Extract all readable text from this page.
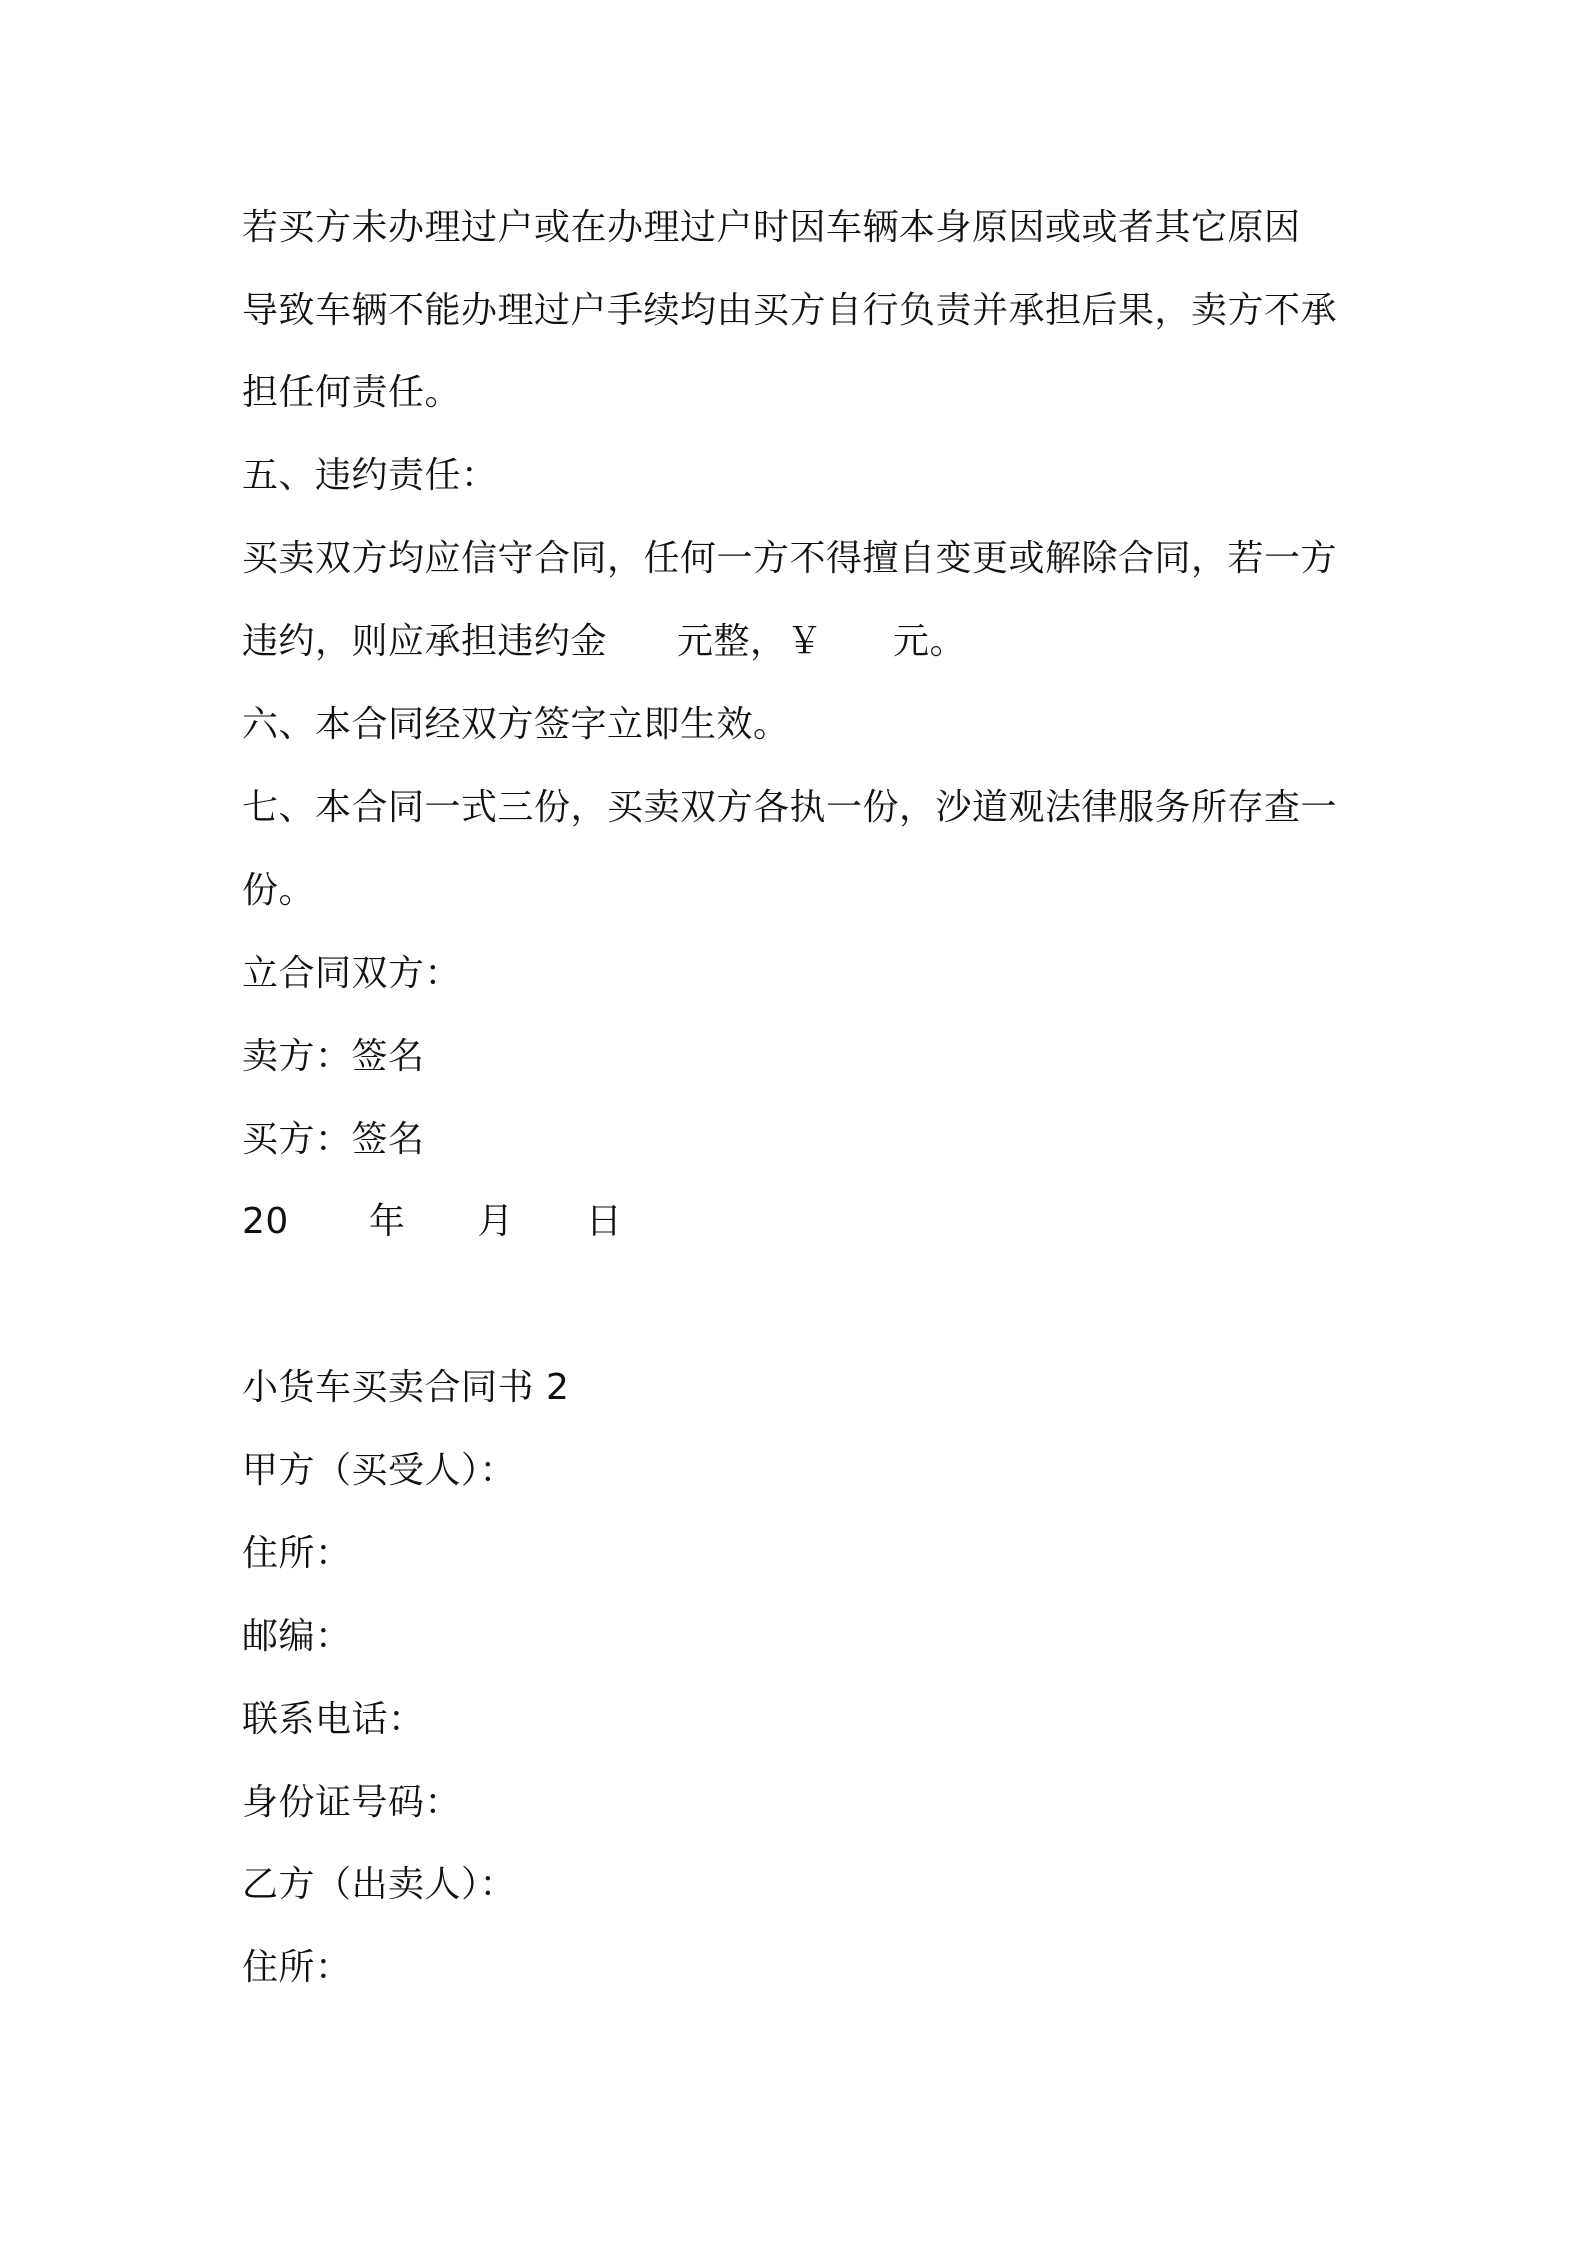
若买方未办理过户或在办理过户时因车辆本身原因或或者其它原因
导致车辆不能办理过户手续均由买方自行负责并承担后果，卖方不承
担任何责任。
五、违约责任：
买卖双方均应信守合同，任何一方不得擅自变更或解除合同，若一方
违约，则应承担违约金 元整，￥ 元。
六、本合同经双方签字立即生效。
七、本合同一式三份，买卖双方各执一份，沙道观法律服务所存查一
份。
立合同双方：
卖方：签名
买方：签名
20 年 月 日
小货车买卖合同书 2
甲方（买受人）：
住所：
邮编：
联系电话：
身份证号码：
乙方（出卖人）：
住所：
